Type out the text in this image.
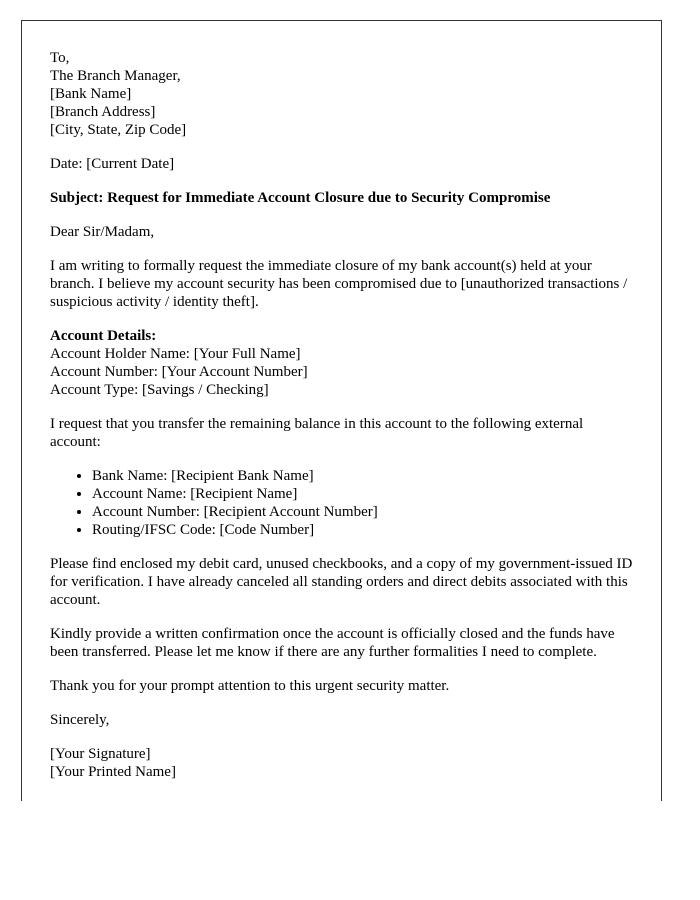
To,
The Branch Manager,
[Bank Name]
[Branch Address]
[City, State, Zip Code]

Date: [Current Date]

Subject: Request for Immediate Account Closure due to Security Compromise

Dear Sir/Madam,

I am writing to formally request the immediate closure of my bank account(s) held at your branch. I believe my account security has been compromised due to [unauthorized transactions / suspicious activity / identity theft].

Account Details:
Account Holder Name: [Your Full Name]
Account Number: [Your Account Number]
Account Type: [Savings / Checking]

I request that you transfer the remaining balance in this account to the following external account:

• Bank Name: [Recipient Bank Name]
• Account Name: [Recipient Name]
• Account Number: [Recipient Account Number]
• Routing/IFSC Code: [Code Number]

Please find enclosed my debit card, unused checkbooks, and a copy of my government-issued ID for verification. I have already canceled all standing orders and direct debits associated with this account.

Kindly provide a written confirmation once the account is officially closed and the funds have been transferred. Please let me know if there are any further formalities I need to complete.

Thank you for your prompt attention to this urgent security matter.

Sincerely,

[Your Signature]
[Your Printed Name]
